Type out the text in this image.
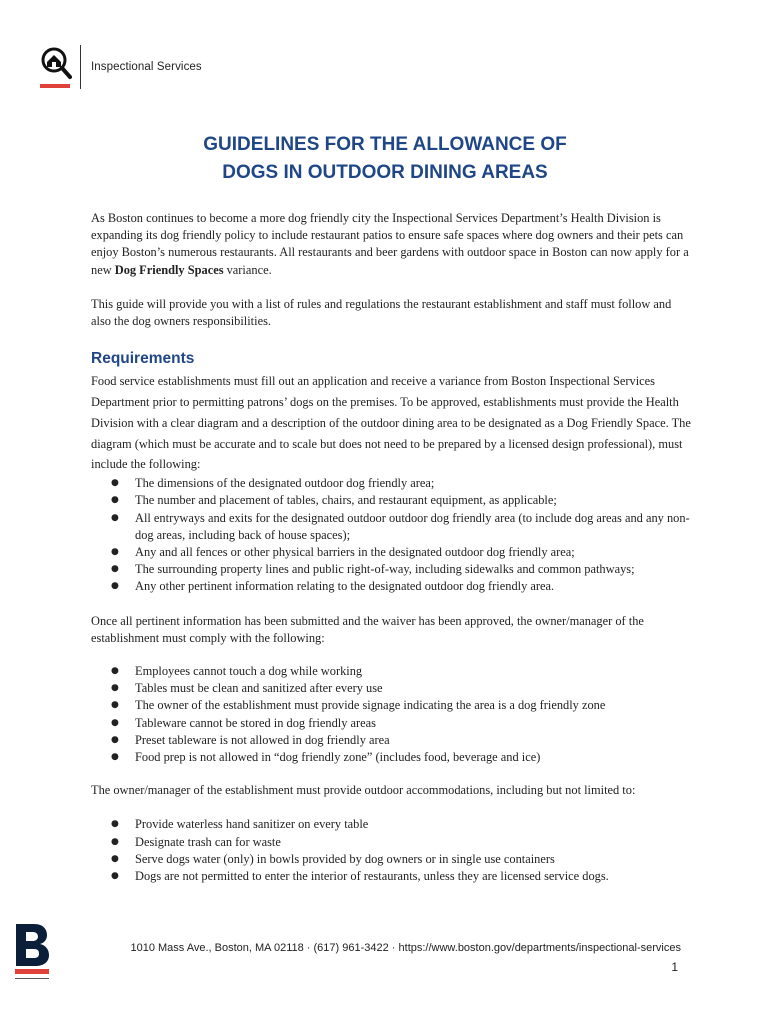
Inspectional Services
GUIDELINES FOR THE ALLOWANCE OF
DOGS IN OUTDOOR DINING AREAS

As Boston continues to become a more dog friendly city the Inspectional Services Department’s Health Division is expanding its dog friendly policy to include restaurant patios to ensure safe spaces where dog owners and their pets can enjoy Boston’s numerous restaurants. All restaurants and beer gardens with outdoor space in Boston can now apply for a new Dog Friendly Spaces variance.

This guide will provide you with a list of rules and regulations the restaurant establishment and staff must follow and also the dog owners responsibilities.

Requirements

Food service establishments must fill out an application and receive a variance from Boston Inspectional Services Department prior to permitting patrons’ dogs on the premises. To be approved, establishments must provide the Health Division with a clear diagram and a description of the outdoor dining area to be designated as a Dog Friendly Space. The diagram (which must be accurate and to scale but does not need to be prepared by a licensed design professional), must include the following:

● The dimensions of the designated outdoor dog friendly area;
● The number and placement of tables, chairs, and restaurant equipment, as applicable;
● All entryways and exits for the designated outdoor outdoor dog friendly area (to include dog areas and any non-dog areas, including back of house spaces);
● Any and all fences or other physical barriers in the designated outdoor dog friendly area;
● The surrounding property lines and public right-of-way, including sidewalks and common pathways;
● Any other pertinent information relating to the designated outdoor dog friendly area.

Once all pertinent information has been submitted and the waiver has been approved, the owner/manager of the establishment must comply with the following:

● Employees cannot touch a dog while working
● Tables must be clean and sanitized after every use
● The owner of the establishment must provide signage indicating the area is a dog friendly zone
● Tableware cannot be stored in dog friendly areas
● Preset tableware is not allowed in dog friendly area
● Food prep is not allowed in “dog friendly zone” (includes food, beverage and ice)

The owner/manager of the establishment must provide outdoor accommodations, including but not limited to:

● Provide waterless hand sanitizer on every table
● Designate trash can for waste
● Serve dogs water (only) in bowls provided by dog owners or in single use containers
● Dogs are not permitted to enter the interior of restaurants, unless they are licensed service dogs.
1010 Mass Ave., Boston, MA 02118 · (617) 961-3422 · https://www.boston.gov/departments/inspectional-services
1
